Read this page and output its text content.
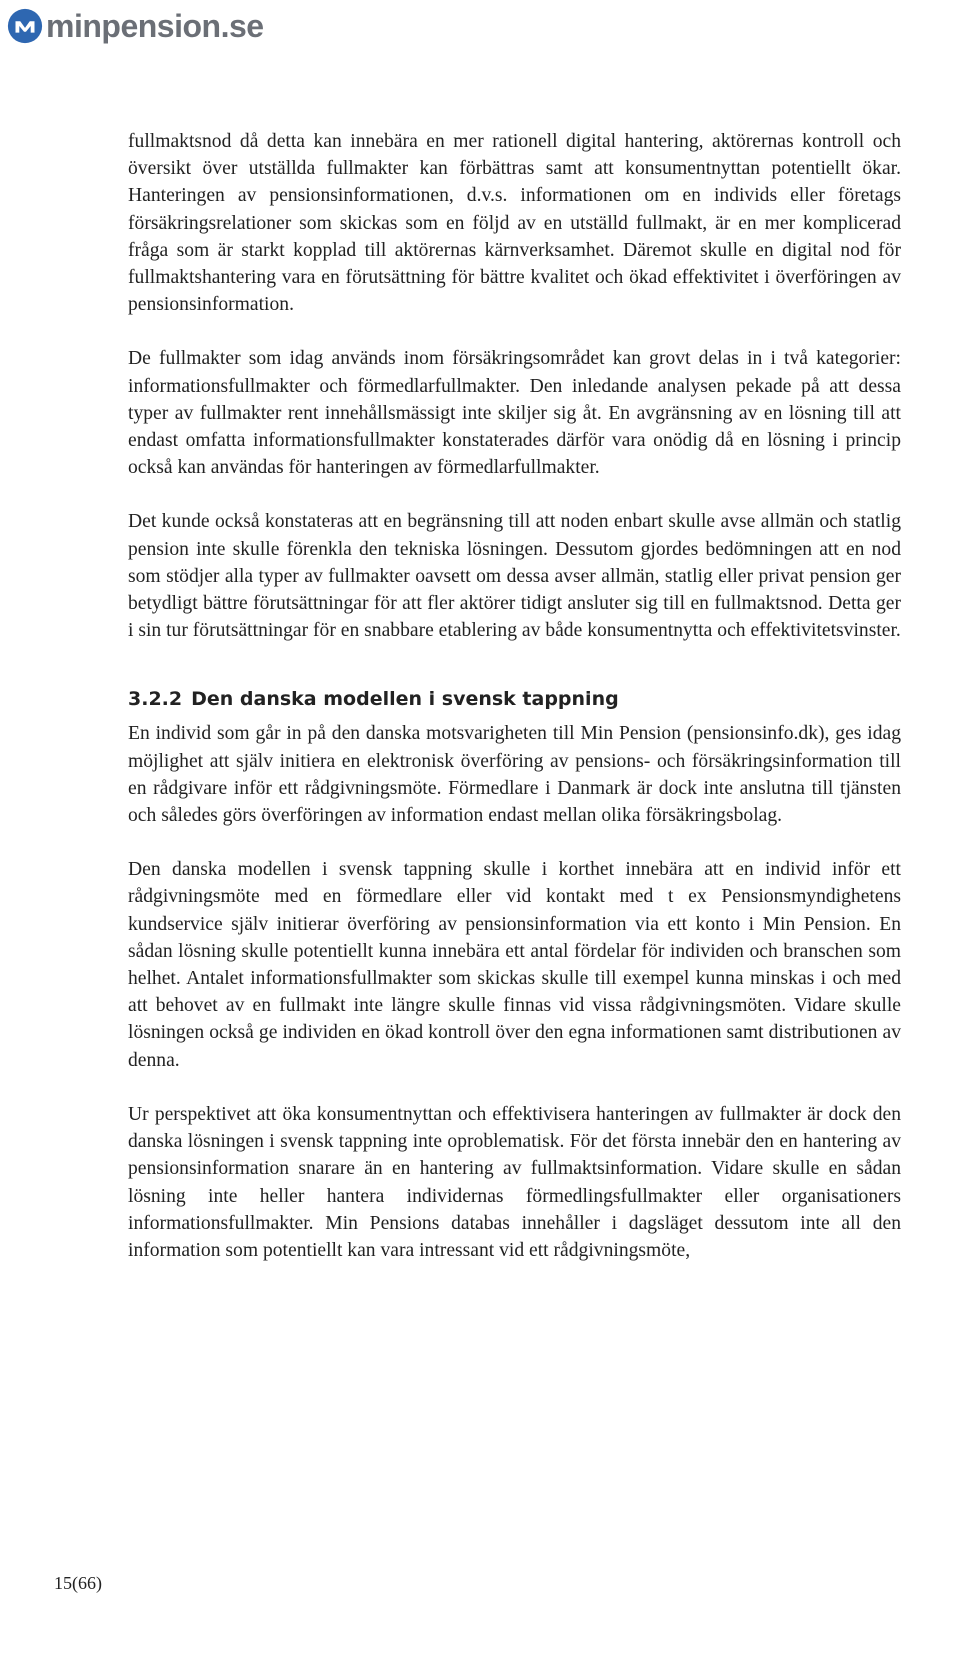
minpension.se

fullmaktsnod då detta kan innebära en mer rationell digital hantering, aktörernas kontroll och översikt över utställda fullmakter kan förbättras samt att konsumentnyttan potentiellt ökar. Hanteringen av pensionsinformationen, d.v.s. informationen om en individs eller företags försäkringsrelationer som skickas som en följd av en utställd fullmakt, är en mer komplicerad fråga som är starkt kopplad till aktörernas kärnverksamhet. Däremot skulle en digital nod för fullmaktshantering vara en förutsättning för bättre kvalitet och ökad effektivitet i överföringen av pensionsinformation.

De fullmakter som idag används inom försäkringsområdet kan grovt delas in i två kategorier: informationsfullmakter och förmedlarfullmakter. Den inledande analysen pekade på att dessa typer av fullmakter rent innehållsmässigt inte skiljer sig åt. En avgränsning av en lösning till att endast omfatta informationsfullmakter konstaterades därför vara onödig då en lösning i princip också kan användas för hanteringen av förmedlarfullmakter.

Det kunde också konstateras att en begränsning till att noden enbart skulle avse allmän och statlig pension inte skulle förenkla den tekniska lösningen. Dessutom gjordes bedömningen att en nod som stödjer alla typer av fullmakter oavsett om dessa avser allmän, statlig eller privat pension ger betydligt bättre förutsättningar för att fler aktörer tidigt ansluter sig till en fullmaktsnod. Detta ger i sin tur förutsättningar för en snabbare etablering av både konsumentnytta och effektivitetsvinster.

3.2.2 Den danska modellen i svensk tappning

En individ som går in på den danska motsvarigheten till Min Pension (pensionsinfo.dk), ges idag möjlighet att själv initiera en elektronisk överföring av pensions- och försäkringsinformation till en rådgivare inför ett rådgivningsmöte. Förmedlare i Danmark är dock inte anslutna till tjänsten och således görs överföringen av information endast mellan olika försäkringsbolag.

Den danska modellen i svensk tappning skulle i korthet innebära att en individ inför ett rådgivningsmöte med en förmedlare eller vid kontakt med t ex Pensionsmyndighetens kundservice själv initierar överföring av pensionsinformation via ett konto i Min Pension. En sådan lösning skulle potentiellt kunna innebära ett antal fördelar för individen och branschen som helhet. Antalet informationsfullmakter som skickas skulle till exempel kunna minskas i och med att behovet av en fullmakt inte längre skulle finnas vid vissa rådgivningsmöten. Vidare skulle lösningen också ge individen en ökad kontroll över den egna informationen samt distributionen av denna.

Ur perspektivet att öka konsumentnyttan och effektivisera hanteringen av fullmakter är dock den danska lösningen i svensk tappning inte oproblematisk. För det första innebär den en hantering av pensionsinformation snarare än en hantering av fullmaktsinformation. Vidare skulle en sådan lösning inte heller hantera individernas förmedlingsfullmakter eller organisationers informationsfullmakter. Min Pensions databas innehåller i dagsläget dessutom inte all den information som potentiellt kan vara intressant vid ett rådgivningsmöte,

15(66)
